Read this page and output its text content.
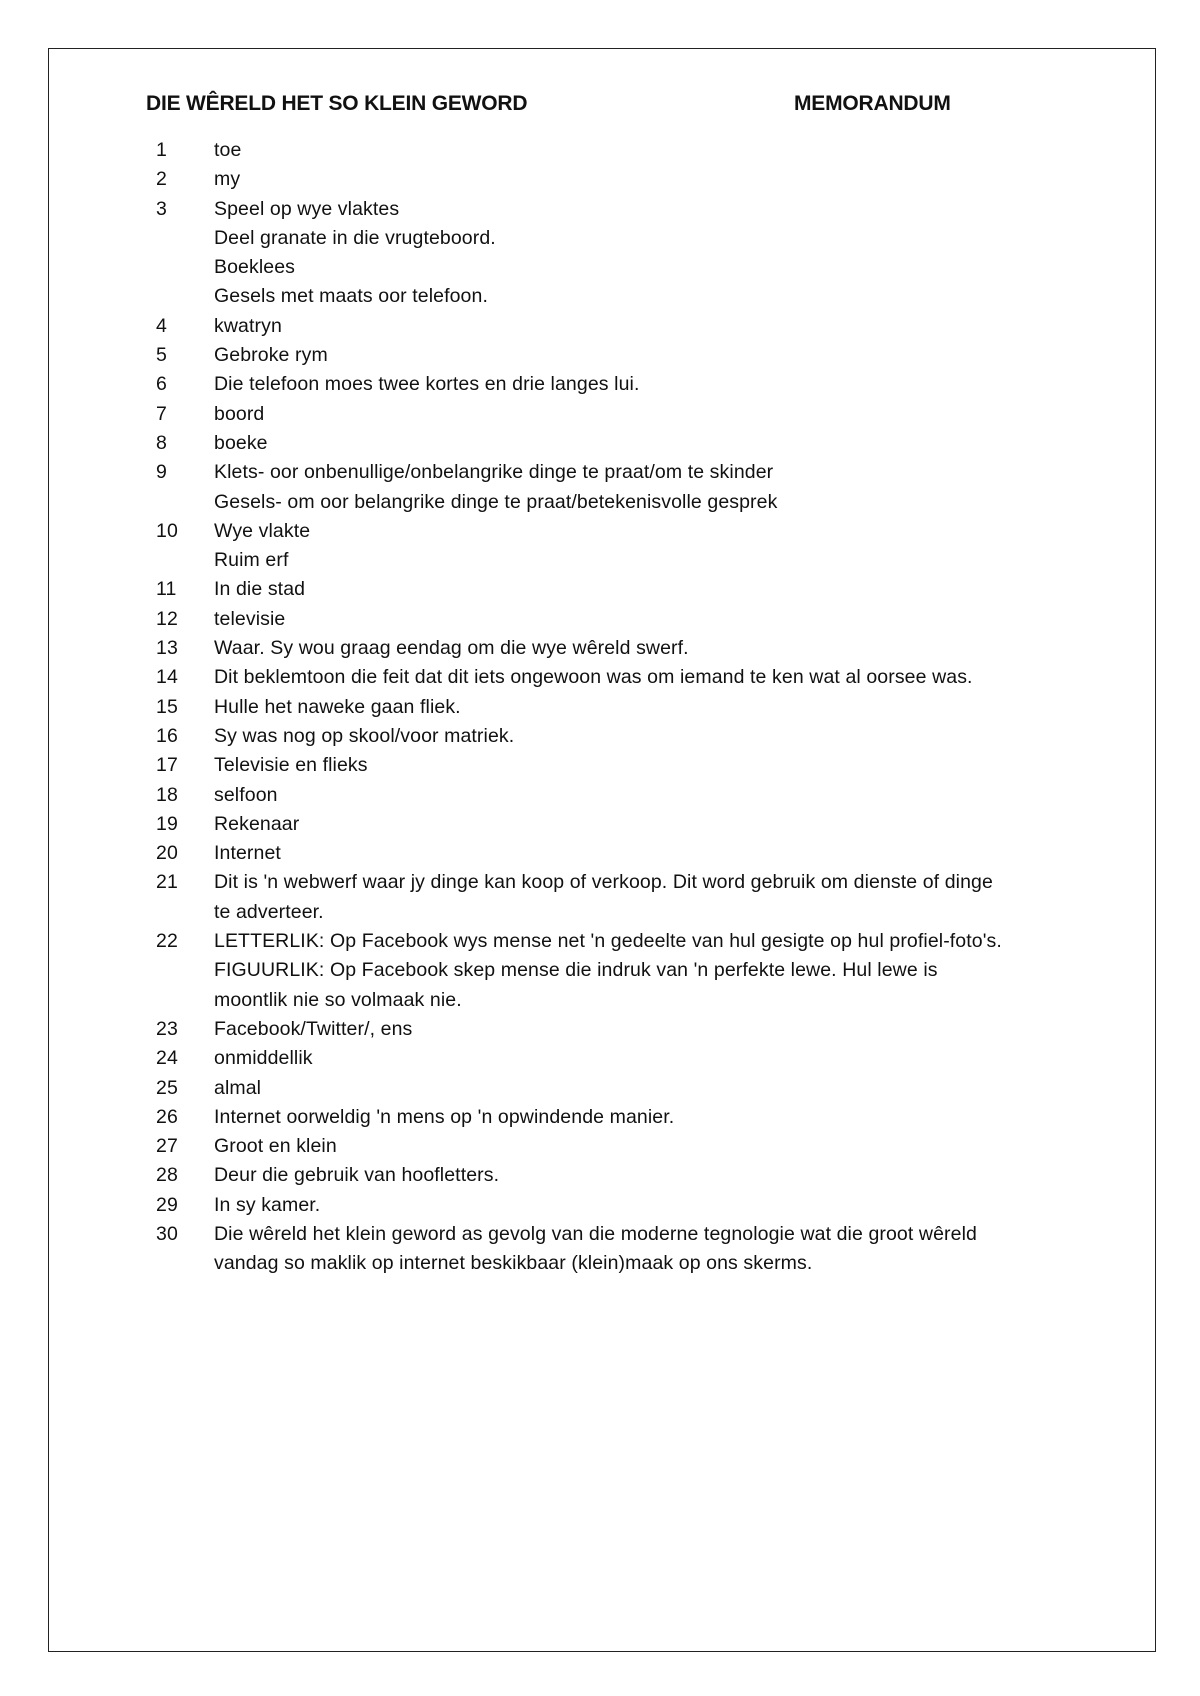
DIE WÊRELD HET SO KLEIN GEWORD	MEMORANDUM
1	toe
2	my
3	Speel op wye vlaktes
Deel granate in die vrugteboord.
Boeklees
Gesels met maats oor telefoon.
4	kwatryn
5	Gebroke rym
6	Die telefoon moes twee kortes en drie langes lui.
7	boord
8	boeke
9	Klets- oor onbenullige/onbelangrike dinge te praat/om te skinder
Gesels- om oor belangrike dinge te praat/betekenisvolle gesprek
10	Wye vlakte
Ruim erf
11	In die stad
12	televisie
13	Waar. Sy wou graag eendag om die wye wêreld swerf.
14	Dit beklemtoon die feit dat dit iets ongewoon was om iemand te ken wat al oorsee was.
15	Hulle het naweke gaan fliek.
16	Sy was nog op skool/voor matriek.
17	Televisie en flieks
18	selfoon
19	Rekenaar
20	Internet
21	Dit is 'n webwerf waar jy dinge kan koop of verkoop. Dit word gebruik om dienste of dinge
te adverteer.
22	LETTERLIK: Op Facebook wys mense net 'n gedeelte van hul gesigte op hul profiel-foto's.
FIGUURLIK: Op Facebook skep mense die indruk van 'n perfekte lewe. Hul lewe is
moontlik nie so volmaak nie.
23	Facebook/Twitter/, ens
24	onmiddellik
25	almal
26	Internet oorweldig 'n mens op 'n opwindende manier.
27	Groot en klein
28	Deur die gebruik van hoofletters.
29	In sy kamer.
30	Die wêreld het klein geword as gevolg van die moderne tegnologie wat die groot wêreld
vandag so maklik op internet beskikbaar (klein)maak op ons skerms.
